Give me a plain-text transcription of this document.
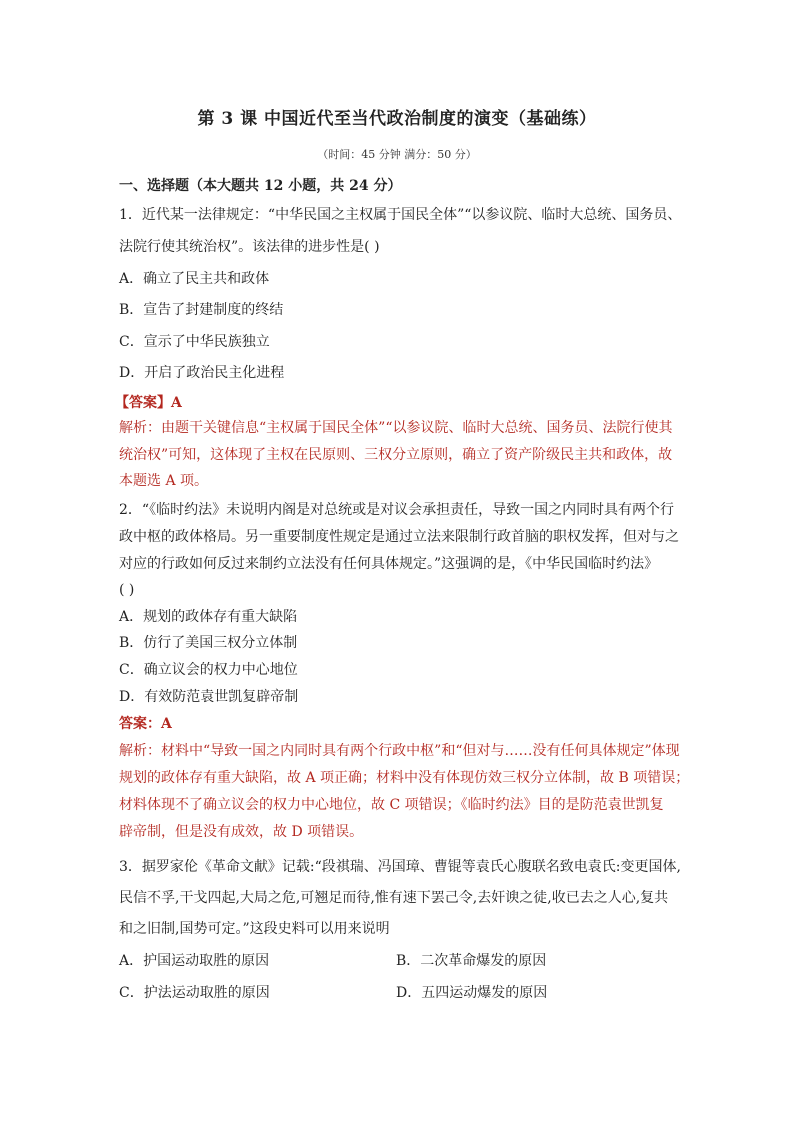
第 3 课 中国近代至当代政治制度的演变（基础练）
（时间：45 分钟 满分：50 分）
一、选择题（本大题共 12 小题，共 24 分）
1．近代某一法律规定：“中华民国之主权属于国民全体”“以参议院、临时大总统、国务员、
法院行使其统治权”。该法律的进步性是( )
A．确立了民主共和政体
B．宣告了封建制度的终结
C．宣示了中华民族独立
D．开启了政治民主化进程
【答案】A
解析：由题干关键信息“主权属于国民全体”“以参议院、临时大总统、国务员、法院行使其
统治权”可知，这体现了主权在民原则、三权分立原则，确立了资产阶级民主共和政体，故
本题选 A 项。
2．“《临时约法》未说明内阁是对总统或是对议会承担责任，导致一国之内同时具有两个行
政中枢的政体格局。另一重要制度性规定是通过立法来限制行政首脑的职权发挥，但对与之
对应的行政如何反过来制约立法没有任何具体规定。”这强调的是，《中华民国临时约法》
( )
A．规划的政体存有重大缺陷
B．仿行了美国三权分立体制
C．确立议会的权力中心地位
D．有效防范袁世凯复辟帝制
答案：A
解析：材料中“导致一国之内同时具有两个行政中枢”和“但对与……没有任何具体规定”体现
规划的政体存有重大缺陷，故 A 项正确；材料中没有体现仿效三权分立体制，故 B 项错误；
材料体现不了确立议会的权力中心地位，故 C 项错误；《临时约法》目的是防范袁世凯复
辟帝制，但是没有成效，故 D 项错误。
3．据罗家伦《革命文献》记载:“段祺瑞、冯国璋、曹锟等袁氏心腹联名致电袁氏:变更国体,
民信不孚,干戈四起,大局之危,可翘足而待,惟有速下罢己令,去奸谀之徒,收已去之人心,复共
和之旧制,国势可定。”这段史料可以用来说明
A．护国运动取胜的原因	B．二次革命爆发的原因
C．护法运动取胜的原因	D．五四运动爆发的原因
